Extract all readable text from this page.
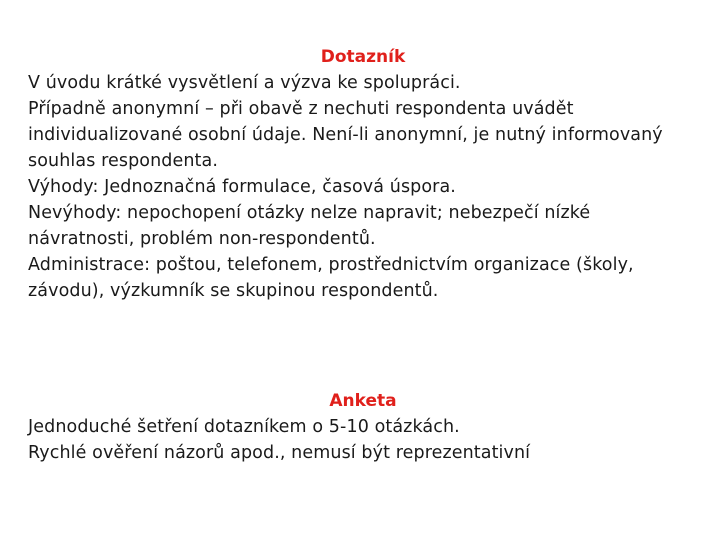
Dotazník

V úvodu krátké vysvětlení a výzva ke spolupráci.

Případně anonymní – při obavě z nechuti respondenta uvádět individualizované osobní údaje. Není-li anonymní, je nutný informovaný souhlas respondenta.

Výhody: Jednoznačná formulace, časová úspora.

Nevýhody: nepochopení otázky nelze napravit; nebezpečí nízké návratnosti, problém non-respondentů.

Administrace: poštou, telefonem, prostřednictvím organizace (školy, závodu), výzkumník se skupinou respondentů.

Anketa

Jednoduché šetření dotazníkem o 5-10 otázkách.

Rychlé ověření názorů apod., nemusí být reprezentativní
